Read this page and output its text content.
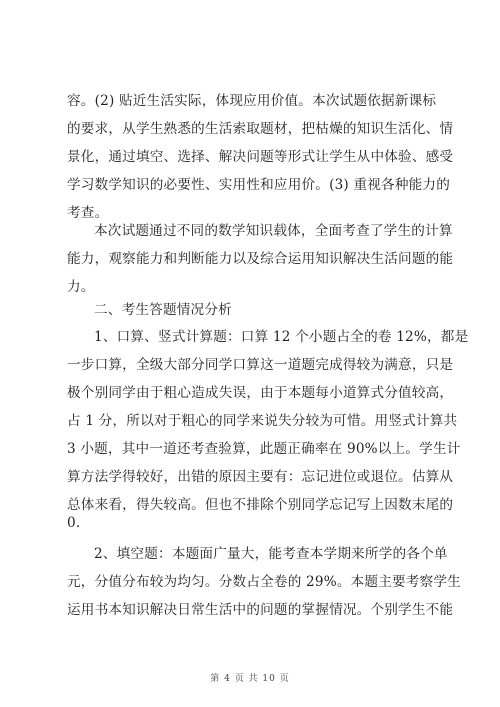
容。(2) 贴近生活实际，体现应用价值。本次试题依据新课标
的要求，从学生熟悉的生活索取题材，把枯燥的知识生活化、情
景化，通过填空、选择、解决问题等形式让学生从中体验、感受
学习数学知识的必要性、实用性和应用价。(3) 重视各种能力的
考查。
本次试题通过不同的数学知识载体，全面考查了学生的计算
能力，观察能力和判断能力以及综合运用知识解决生活问题的能
力。
二、考生答题情况分析
1、口算、竖式计算题：口算 12 个小题占全的卷 12%，都是
一步口算，全级大部分同学口算这一道题完成得较为满意，只是
极个别同学由于粗心造成失误，由于本题每小道算式分值较高，
占 1 分，所以对于粗心的同学来说失分较为可惜。用竖式计算共
3 小题，其中一道还考查验算，此题正确率在 90%以上。学生计
算方法学得较好，出错的原因主要有：忘记进位或退位。估算从
总体来看，得失较高。但也不排除个别同学忘记写上因数末尾的
0.
2、填空题：本题面广量大，能考查本学期来所学的各个单
元，分值分布较为均匀。分数占全卷的 29%。本题主要考察学生
运用书本知识解决日常生活中的问题的掌握情况。个别学生不能
第 4 页 共 10 页
